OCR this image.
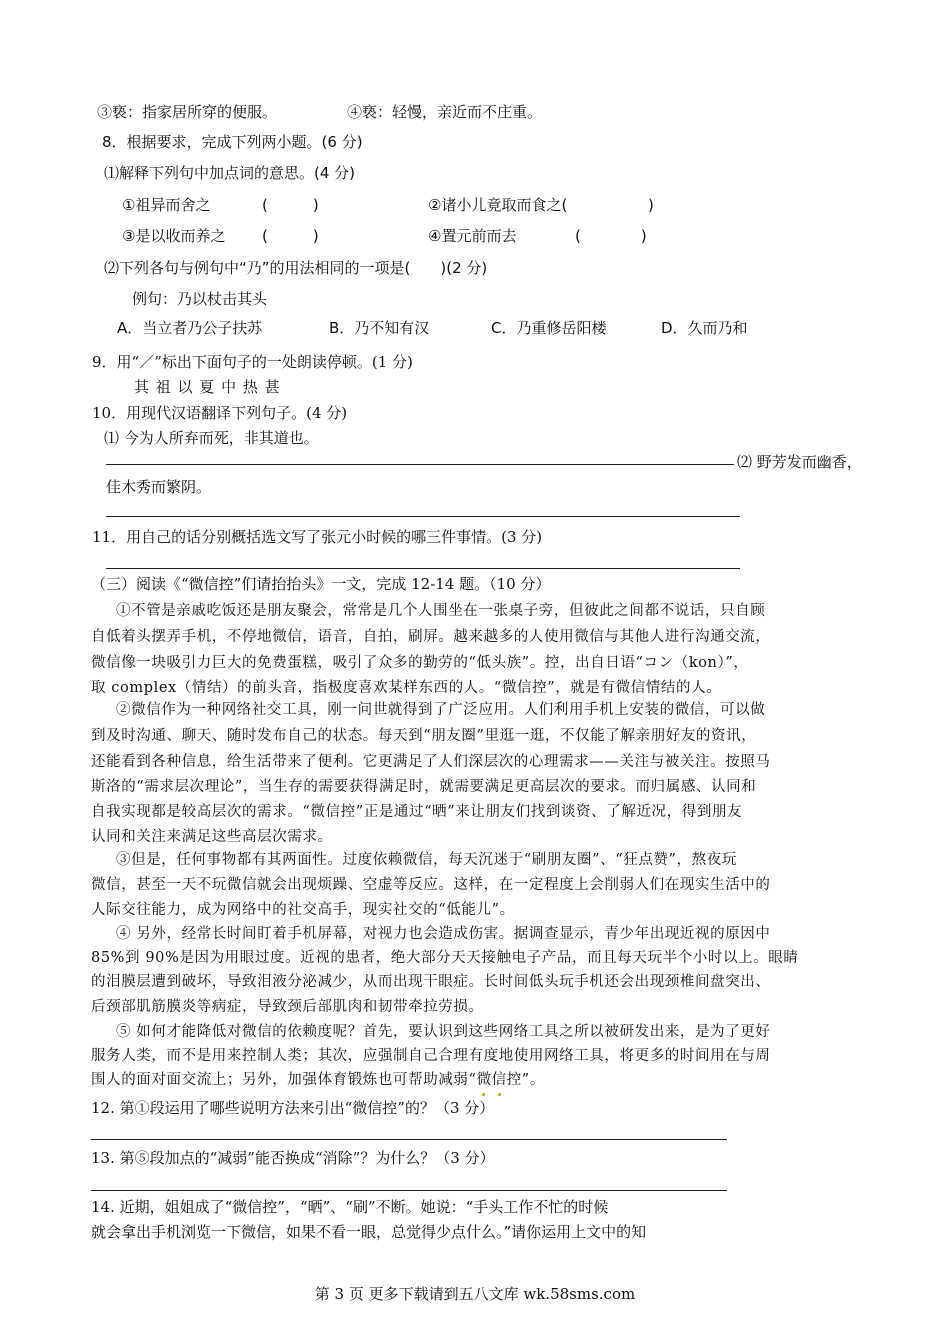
③亵：指家居所穿的便服。	④亵：轻慢，亲近而不庄重。
8．根据要求，完成下列两小题。(6 分)
⑴解释下列句中加点词的意思。(4 分)
①祖异而舍之	(　　　)	②诸小儿竟取而食之( 　　　　)
③是以收而养之 (　　　)	④置元前而去	(　　　　)
⑵下列各句与例句中“乃”的用法相同的一项是(　　)(2 分)
例句：乃以杖击其头
A．当立者乃公子扶苏	B．乃不知有汉	C．乃重修岳阳楼	D．久而乃和
9．用“／”标出下面句子的一处朗读停顿。(1 分)
其 祖 以 夏 中 热 甚
10．用现代汉语翻译下列句子。(4 分)
⑴ 今为人所弃而死，非其道也。
⑵ 野芳发而幽香，
佳木秀而繁阴。
11．用自己的话分别概括选文写了张元小时候的哪三件事情。(3 分)
（三）阅读《“微信控”们请抬抬头》一文，完成 12-14 题。（10 分）
①不管是亲戚吃饭还是朋友聚会，常常是几个人围坐在一张桌子旁，但彼此之间都不说话，只自顾
自低着头摆弄手机，不停地微信，语音，自拍，刷屏。越来越多的人使用微信与其他人进行沟通交流，
微信像一块吸引力巨大的免费蛋糕，吸引了众多的勤劳的“低头族”。控，出自日语“コン（kon）”，
取 complex（情结）的前头音，指极度喜欢某样东西的人。“微信控”，就是有微信情结的人。
②微信作为一种网络社交工具，刚一问世就得到了广泛应用。人们利用手机上安装的微信，可以做
到及时沟通、聊天、随时发布自己的状态。每天到“朋友圈”里逛一逛，不仅能了解亲朋好友的资讯，
还能看到各种信息，给生活带来了便利。它更满足了人们深层次的心理需求——关注与被关注。按照马
斯洛的“需求层次理论”，当生存的需要获得满足时，就需要满足更高层次的要求。而归属感、认同和
自我实现都是较高层次的需求。“微信控”正是通过“晒”来让朋友们找到谈资、了解近况，得到朋友
认同和关注来满足这些高层次需求。
③但是，任何事物都有其两面性。过度依赖微信，每天沉迷于“刷朋友圈”、“狂点赞”，熬夜玩
微信，甚至一天不玩微信就会出现烦躁、空虚等反应。这样，在一定程度上会削弱人们在现实生活中的
人际交往能力，成为网络中的社交高手，现实社交的“低能儿”。
④ 另外，经常长时间盯着手机屏幕，对视力也会造成伤害。据调查显示，青少年出现近视的原因中
85%到 90%是因为用眼过度。近视的患者，绝大部分天天接触电子产品，而且每天玩半个小时以上。眼睛
的泪膜层遭到破坏，导致泪液分泌减少，从而出现干眼症。长时间低头玩手机还会出现颈椎间盘突出、
后颈部肌筋膜炎等病症，导致颈后部肌肉和韧带牵拉劳损。
⑤ 如何才能降低对微信的依赖度呢？首先，要认识到这些网络工具之所以被研发出来，是为了更好
服务人类，而不是用来控制人类；其次，应强制自己合理有度地使用网络工具，将更多的时间用在与周
围人的面对面交流上；另外，加强体育锻炼也可帮助减弱“微信控”。
12. 第①段运用了哪些说明方法来引出“微信控”的？（3 分）
13. 第⑤段加点的“减弱”能否换成“消除”？为什么？（3 分）
14. 近期，姐姐成了“微信控”，“晒”、“刷”不断。她说：“手头工作不忙的时候
就会拿出手机浏览一下微信，如果不看一眼，总觉得少点什么。”请你运用上文中的知
第 3 页 更多下载请到五八文库 wk.58sms.com
